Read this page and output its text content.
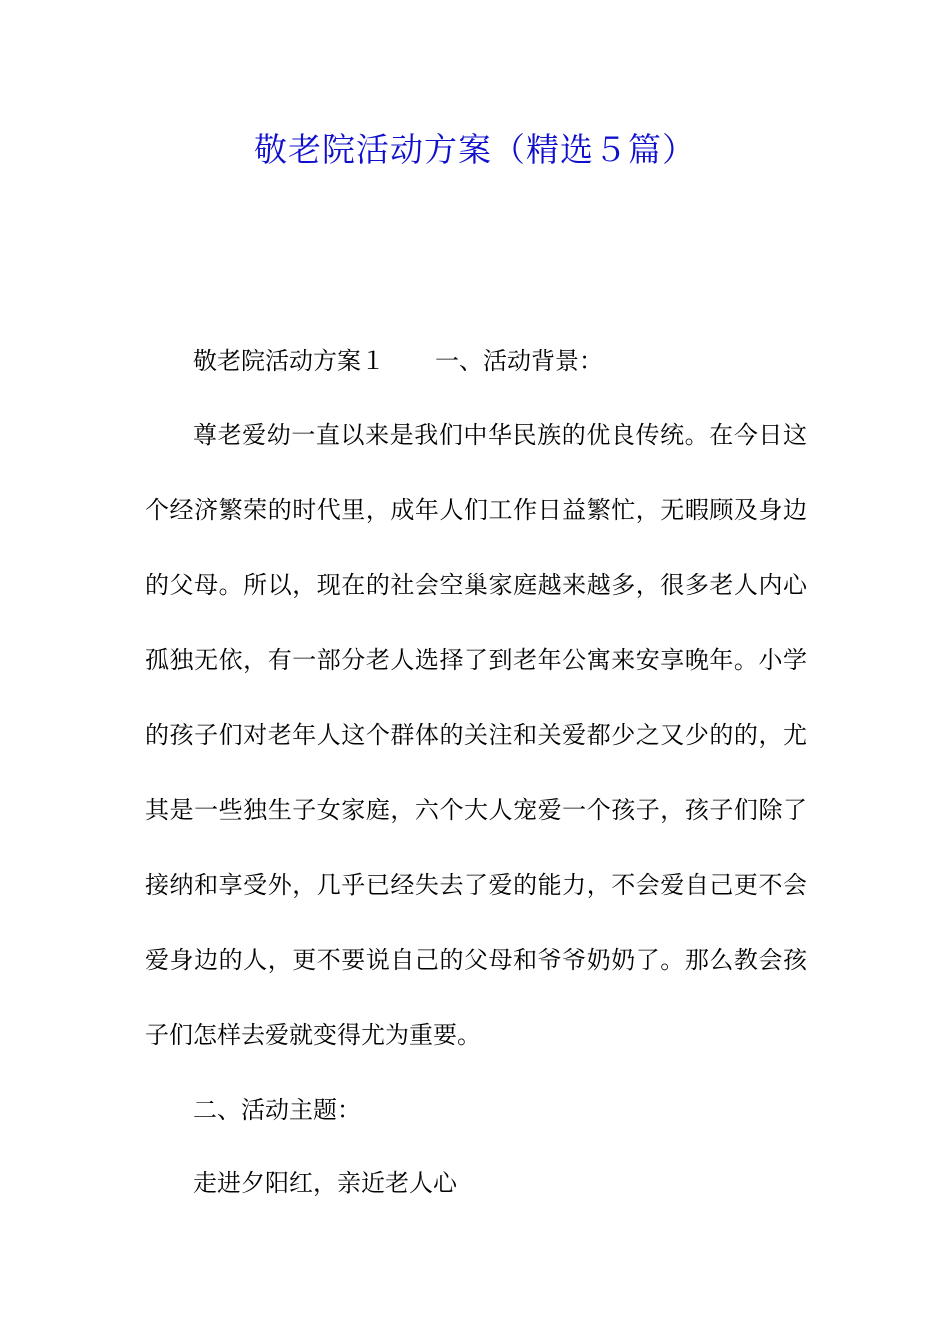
敬老院活动方案（精选５篇）
敬老院活动方案１ 一、活动背景：

尊老爱幼一直以来是我们中华民族的优良传统。在今日这个经济繁荣的时代里，成年人们工作日益繁忙，无暇顾及身边的父母。所以，现在的社会空巢家庭越来越多，很多老人内心孤独无依，有一部分老人选择了到老年公寓来安享晚年。小学的孩子们对老年人这个群体的关注和关爱都少之又少的的，尤其是一些独生子女家庭，六个大人宠爱一个孩子，孩子们除了接纳和享受外，几乎已经失去了爱的能力，不会爱自己更不会爱身边的人，更不要说自己的父母和爷爷奶奶了。那么教会孩子们怎样去爱就变得尤为重要。

二、活动主题：
走进夕阳红，亲近老人心
